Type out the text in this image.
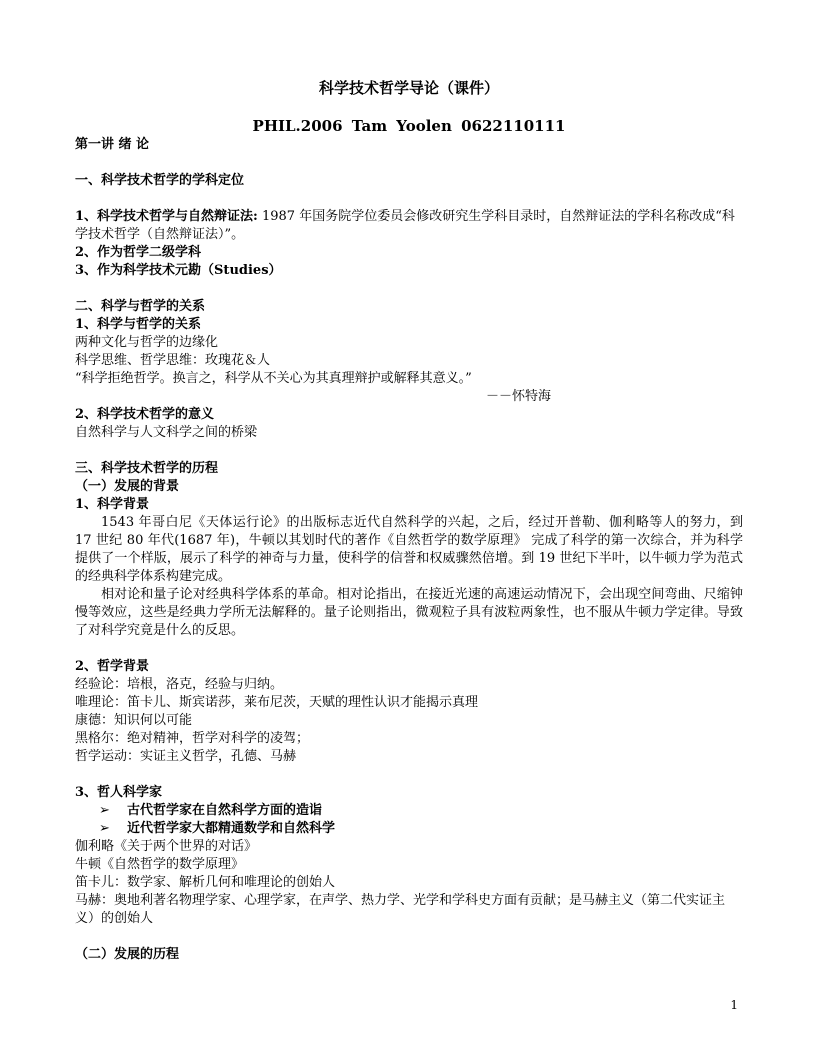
科学技术哲学导论（课件）
PHIL.2006 Tam Yoolen 0622110111
第一讲 绪 论
一、科学技术哲学的学科定位
1、科学技术哲学与自然辩证法: 1987 年国务院学位委员会修改研究生学科目录时，自然辩证法的学科名称改成“科学技术哲学（自然辩证法）”。
2、作为哲学二级学科
3、作为科学技术元勘（Studies）
二、科学与哲学的关系
1、科学与哲学的关系
两种文化与哲学的边缘化
科学思维、哲学思维：玫瑰花＆人
“科学拒绝哲学。换言之，科学从不关心为其真理辩护或解释其意义。”
－－怀特海
2、科学技术哲学的意义
自然科学与人文科学之间的桥梁
三、科学技术哲学的历程
（一）发展的背景
1、科学背景
1543 年哥白尼《天体运行论》的出版标志近代自然科学的兴起，之后，经过开普勒、伽利略等人的努力，到 17 世纪 80 年代(1687 年)，牛顿以其划时代的著作《自然哲学的数学原理》 完成了科学的第一次综合，并为科学提供了一个样版，展示了科学的神奇与力量，使科学的信誉和权威骤然倍增。到 19 世纪下半叶，以牛顿力学为范式的经典科学体系构建完成。
相对论和量子论对经典科学体系的革命。相对论指出，在接近光速的高速运动情况下，会出现空间弯曲、尺缩钟慢等效应，这些是经典力学所无法解释的。量子论则指出，微观粒子具有波粒两象性，也不服从牛顿力学定律。导致了对科学究竟是什么的反思。
2、哲学背景
经验论：培根，洛克，经验与归纳。
唯理论：笛卡儿、斯宾诺莎，莱布尼茨，天赋的理性认识才能揭示真理
康德：知识何以可能
黑格尔：绝对精神，哲学对科学的凌驾；
哲学运动：实证主义哲学，孔德、马赫
3、哲人科学家
➢ 古代哲学家在自然科学方面的造诣
➢ 近代哲学家大都精通数学和自然科学
伽利略《关于两个世界的对话》
牛顿《自然哲学的数学原理》
笛卡儿：数学家、解析几何和唯理论的创始人
马赫：奥地利著名物理学家、心理学家，在声学、热力学、光学和学科史方面有贡献；是马赫主义（第二代实证主义）的创始人
（二）发展的历程
1
